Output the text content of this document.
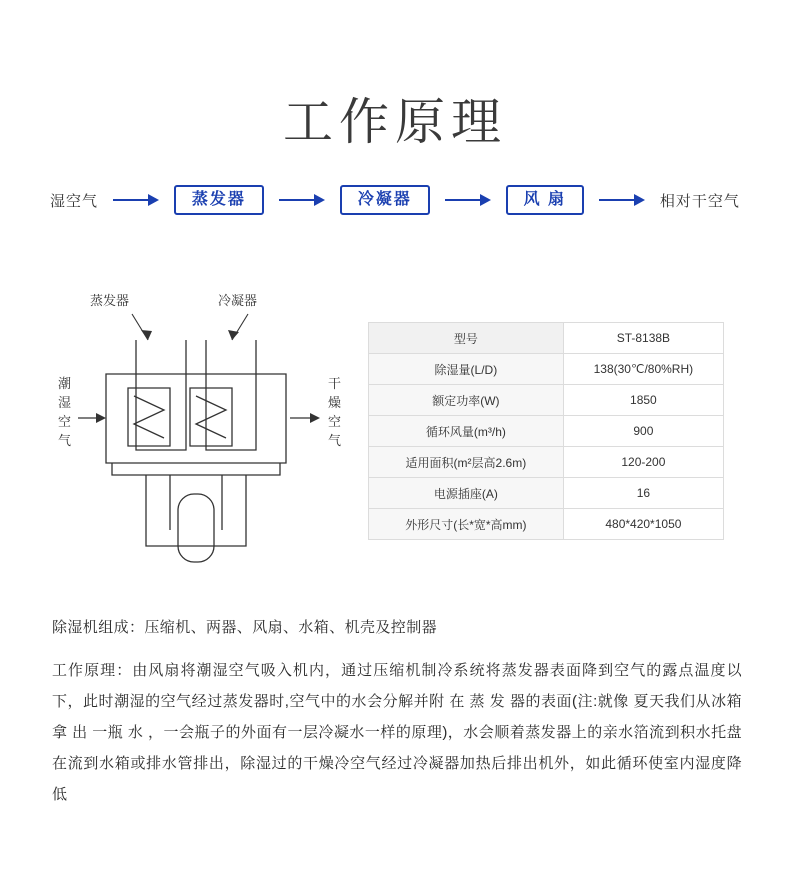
工作原理
湿空气	蒸发器	冷凝器	风 扇	相对干空气
蒸发器	冷凝器
潮湿空气
干燥空气
型号	ST-8138B
除湿量(L/D)	138(30℃/80%RH)
额定功率(W)	1850
循环风量(m³/h)	900
适用面积(m²层高2.6m)	120-200
电源插座(A)	16
外形尺寸(长*宽*高mm)	480*420*1050
除湿机组成：压缩机、两器、风扇、水箱、机壳及控制器
工作原理：由风扇将潮湿空气吸入机内，通过压缩机制冷系统将蒸发器表面降到空气的露点温度以下，此时潮湿的空气经过蒸发器时,空气中的水会分解并附 在 蒸 发 器的表面(注:就像 夏天我们从冰箱拿 出 一瓶 水 ，一会瓶子的外面有一层冷凝水一样的原理)，水会顺着蒸发器上的亲水箔流到积水托盘在流到水箱或排水管排出，除湿过的干燥冷空气经过冷凝器加热后排出机外，如此循环使室内湿度降低
